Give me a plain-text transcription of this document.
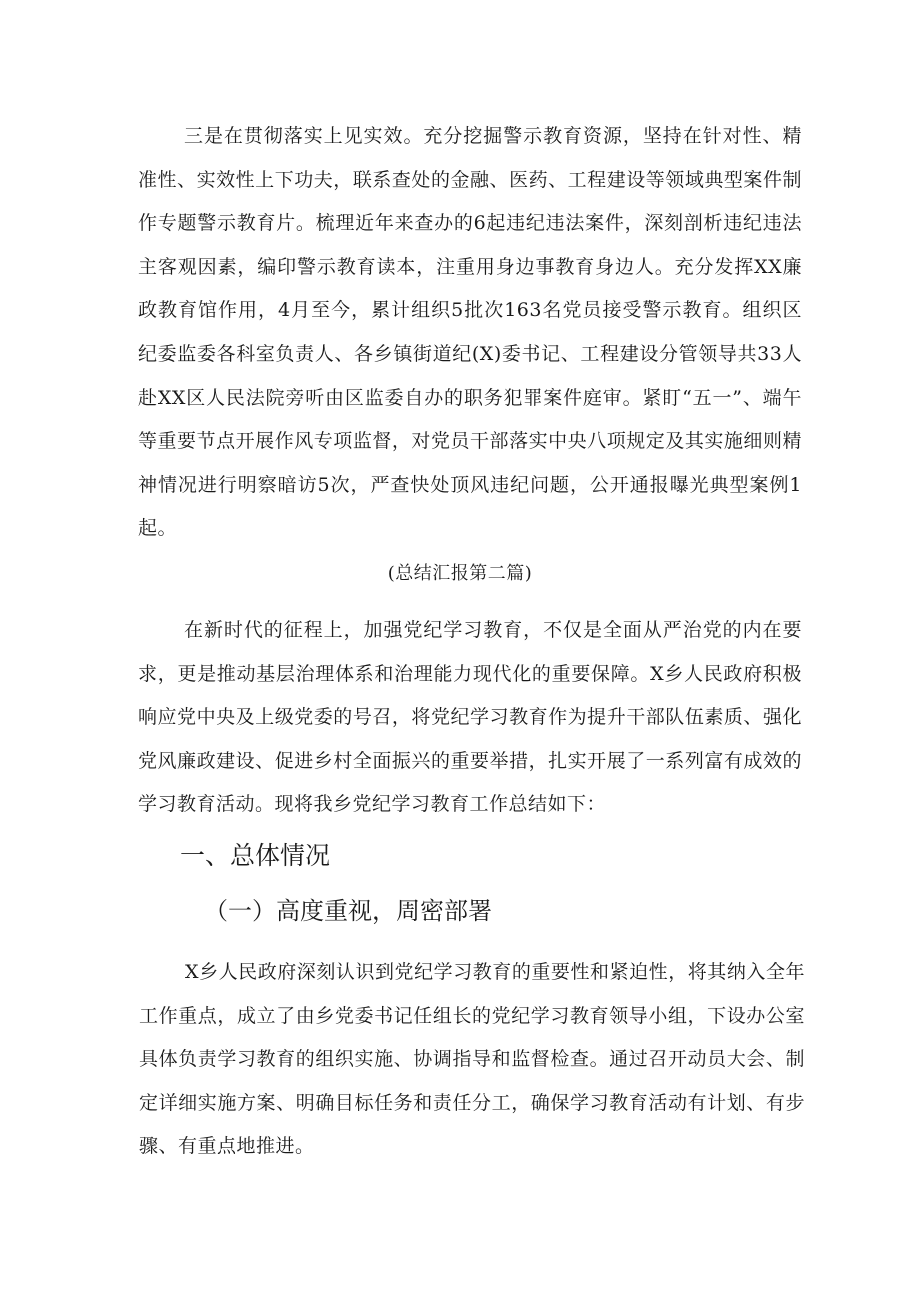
三是在贯彻落实上见实效。充分挖掘警示教育资源，坚持在针对性、精准性、实效性上下功夫，联系查处的金融、医药、工程建设等领域典型案件制作专题警示教育片。梳理近年来查办的6起违纪违法案件，深刻剖析违纪违法主客观因素，编印警示教育读本，注重用身边事教育身边人。充分发挥XX廉政教育馆作用，4月至今，累计组织5批次163名党员接受警示教育。组织区纪委监委各科室负责人、各乡镇街道纪(X)委书记、工程建设分管领导共33人赴XX区人民法院旁听由区监委自办的职务犯罪案件庭审。紧盯“五一”、端午等重要节点开展作风专项监督，对党员干部落实中央八项规定及其实施细则精神情况进行明察暗访5次，严查快处顶风违纪问题，公开通报曝光典型案例1起。

(总结汇报第二篇)

在新时代的征程上，加强党纪学习教育，不仅是全面从严治党的内在要求，更是推动基层治理体系和治理能力现代化的重要保障。X乡人民政府积极响应党中央及上级党委的号召，将党纪学习教育作为提升干部队伍素质、强化党风廉政建设、促进乡村全面振兴的重要举措，扎实开展了一系列富有成效的学习教育活动。现将我乡党纪学习教育工作总结如下：

一、总体情况
（一）高度重视，周密部署

X乡人民政府深刻认识到党纪学习教育的重要性和紧迫性，将其纳入全年工作重点，成立了由乡党委书记任组长的党纪学习教育领导小组，下设办公室具体负责学习教育的组织实施、协调指导和监督检查。通过召开动员大会、制定详细实施方案、明确目标任务和责任分工，确保学习教育活动有计划、有步骤、有重点地推进。
